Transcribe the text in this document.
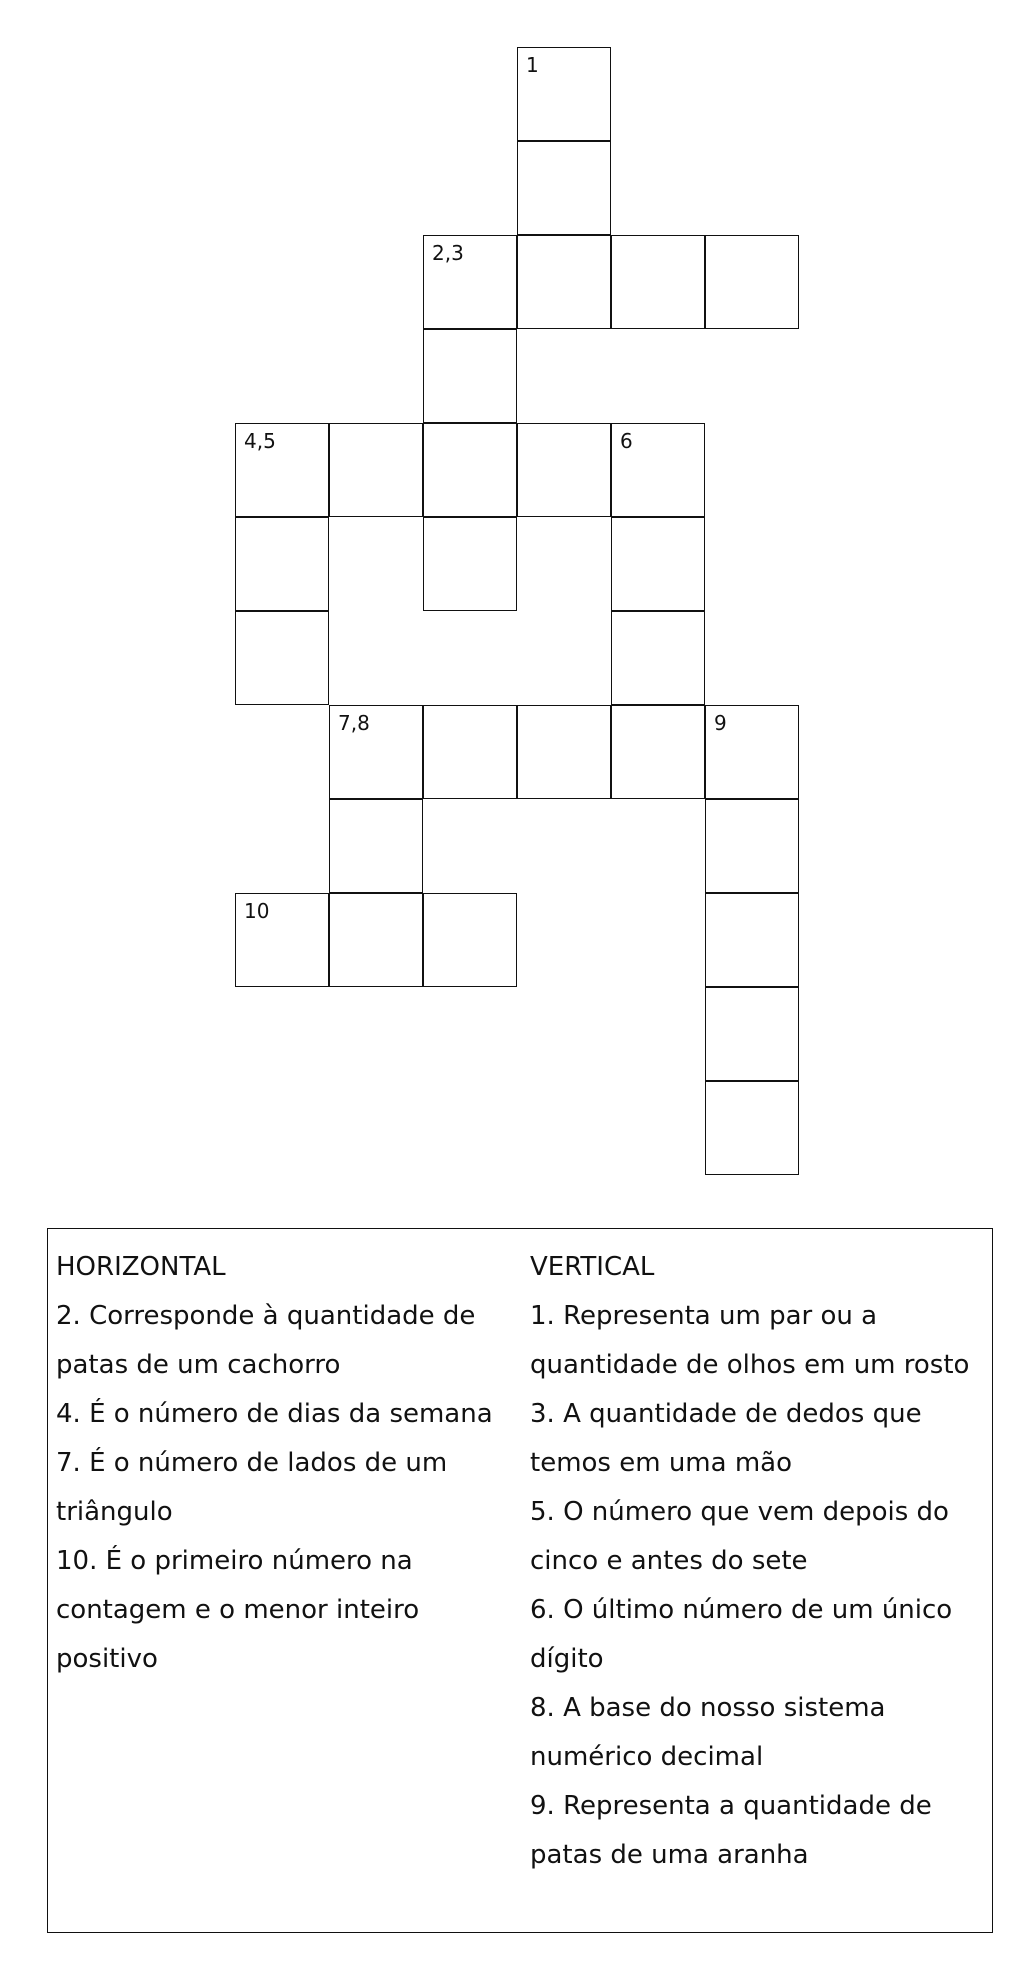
1
2,3
4,5	6
7,8	9
10
HORIZONTAL
2. Corresponde à quantidade de patas de um cachorro
4. É o número de dias da semana
7. É o número de lados de um triângulo
10. É o primeiro número na contagem e o menor inteiro positivo
VERTICAL
1. Representa um par ou a quantidade de olhos em um rosto
3. A quantidade de dedos que temos em uma mão
5. O número que vem depois do cinco e antes do sete
6. O último número de um único dígito
8. A base do nosso sistema numérico decimal
9. Representa a quantidade de patas de uma aranha
